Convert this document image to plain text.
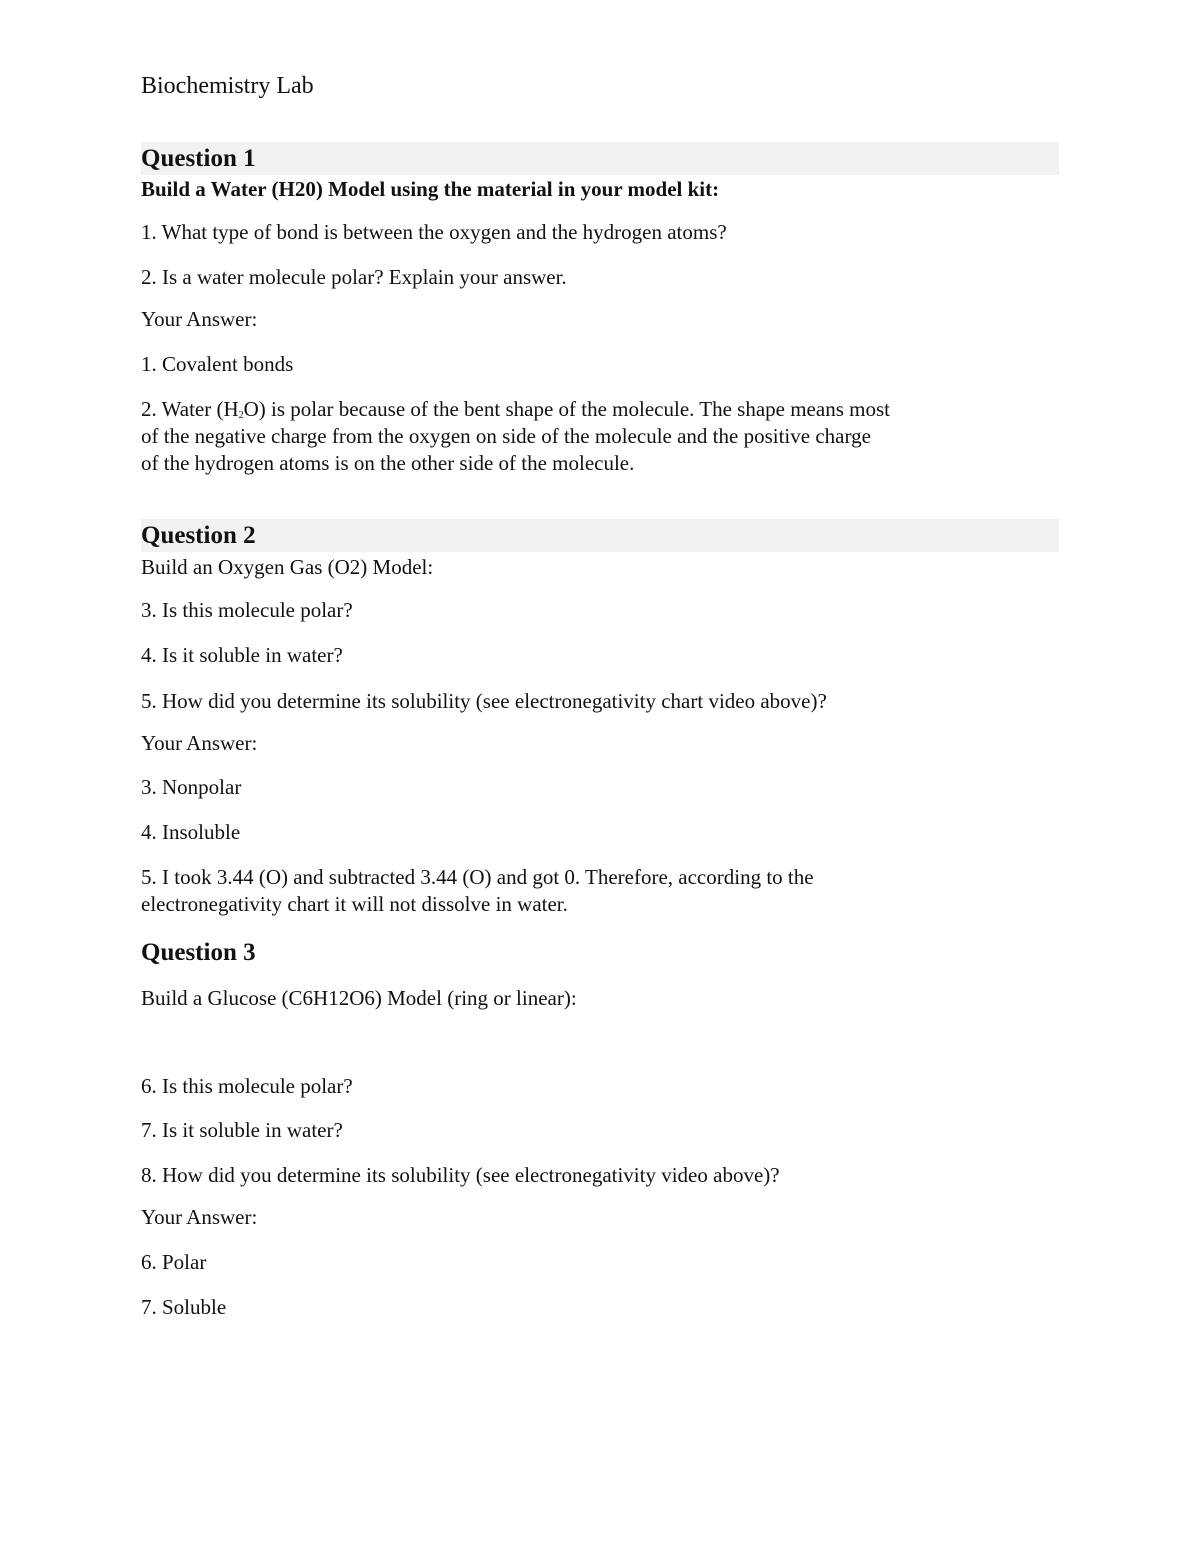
Biochemistry Lab
Question 1
Build a Water (H20) Model using the material in your model kit:
1. What type of bond is between the oxygen and the hydrogen atoms?
2. Is a water molecule polar? Explain your answer.
Your Answer:
1. Covalent bonds
2. Water $(H_2O)$ is polar because of the bent shape of the molecule. The shape means most
of the negative charge from the oxygen on side of the molecule and the positive charge
of the hydrogen atoms is on the other side of the molecule.
Question 2
Build an Oxygen Gas (O2) Model:
3. Is this molecule polar?
4. Is it soluble in water?
5. How did you determine its solubility (see electronegativity chart video above)?
Your Answer:
3. Nonpolar
4. Insoluble
5. I took 3.44 (O) and subtracted 3.44 (O) and got 0. Therefore, according to the
electronegativity chart it will not dissolve in water.
Question 3
Build a Glucose (C6H12O6) Model (ring or linear):
6. Is this molecule polar?
7. Is it soluble in water?
8. How did you determine its solubility (see electronegativity video above)?
Your Answer:
6. Polar
7. Soluble
